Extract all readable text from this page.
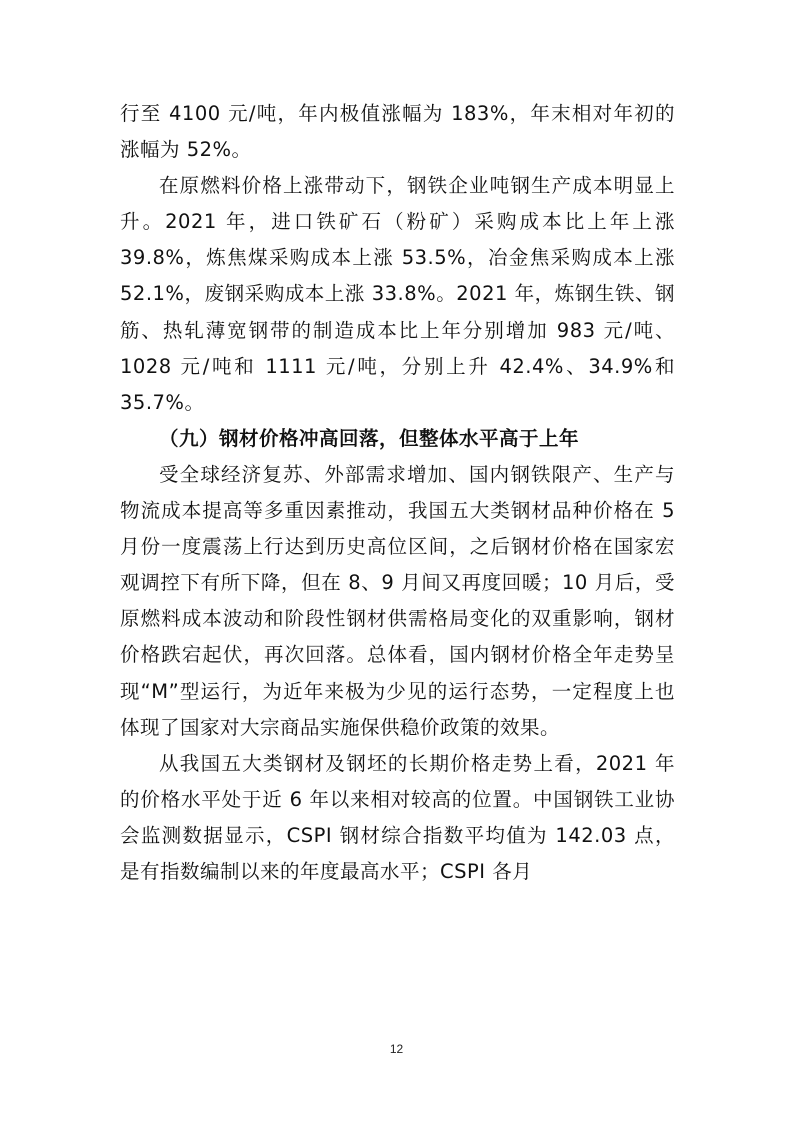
行至 4100 元/吨，年内极值涨幅为 183%，年末相对年初的涨幅为 52%。

在原燃料价格上涨带动下，钢铁企业吨钢生产成本明显上升。2021 年，进口铁矿石（粉矿）采购成本比上年上涨 39.8%，炼焦煤采购成本上涨 53.5%，冶金焦采购成本上涨 52.1%，废钢采购成本上涨 33.8%。2021 年，炼钢生铁、钢筋、热轧薄宽钢带的制造成本比上年分别增加 983 元/吨、1028 元/吨和 1111 元/吨，分别上升 42.4%、34.9%和 35.7%。

（九）钢材价格冲高回落，但整体水平高于上年

受全球经济复苏、外部需求增加、国内钢铁限产、生产与物流成本提高等多重因素推动，我国五大类钢材品种价格在 5 月份一度震荡上行达到历史高位区间，之后钢材价格在国家宏观调控下有所下降，但在 8、9 月间又再度回暖；10 月后，受原燃料成本波动和阶段性钢材供需格局变化的双重影响，钢材价格跌宕起伏，再次回落。总体看，国内钢材价格全年走势呈现“M”型运行，为近年来极为少见的运行态势，一定程度上也体现了国家对大宗商品实施保供稳价政策的效果。

从我国五大类钢材及钢坯的长期价格走势上看，2021 年的价格水平处于近 6 年以来相对较高的位置。中国钢铁工业协会监测数据显示，CSPI 钢材综合指数平均值为 142.03 点，是有指数编制以来的年度最高水平；CSPI 各月

12
